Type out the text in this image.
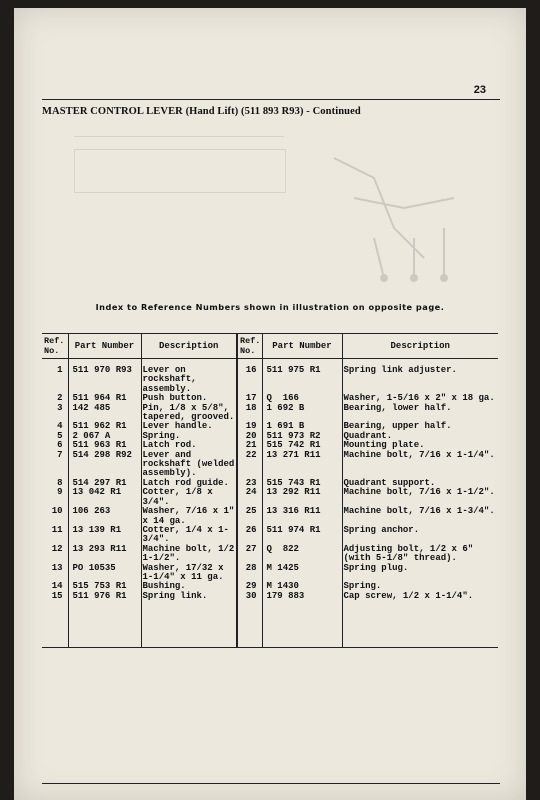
23
MASTER CONTROL LEVER (Hand Lift) (511 893 R93) - Continued
Index to Reference Numbers shown in illustration on opposite page.
Ref.
No.	Part Number	Description	Ref.
No.	Part Number	Description
1	511 970 R93	Lever on rockshaft, assembly.	16	511 975 R1	Spring link adjuster.
2	511 964 R1	Push button.	17	Q  166	Washer, 1-5/16 x 2" x 18 ga.
3	142 485	Pin, 1/8 x 5/8", tapered, grooved.	18	1 692 B	Bearing, lower half.
4	511 962 R1	Lever handle.	19	1 691 B	Bearing, upper half.
5	2 067 A	Spring.	20	511 973 R2	Quadrant.
6	511 963 R1	Latch rod.	21	515 742 R1	Mounting plate.
7	514 298 R92	Lever and rockshaft (welded assembly).	22	13 271 R11	Machine bolt, 7/16 x 1-1/4".
8	514 297 R1	Latch rod guide.	23	515 743 R1	Quadrant support.
9	13 042 R1	Cotter, 1/8 x 3/4".	24	13 292 R11	Machine bolt, 7/16 x 1-1/2".
10	106 263	Washer, 7/16 x 1" x 14 ga.	25	13 316 R11	Machine bolt, 7/16 x 1-3/4".
11	13 139 R1	Cotter, 1/4 x 1-3/4".	26	511 974 R1	Spring anchor.
12	13 293 R11	Machine bolt, 1/2 1-1/2".	27	Q  822	Adjusting bolt, 1/2 x 6" (with 5-1/8" thread).
13	PO 10535	Washer, 17/32 x 1-1/4" x 11 ga.	28	M 1425	Spring plug.
14	515 753 R1	Bushing.	29	M 1430	Spring.
15	511 976 R1	Spring link.	30	179 883	Cap screw, 1/2 x 1-1/4".
